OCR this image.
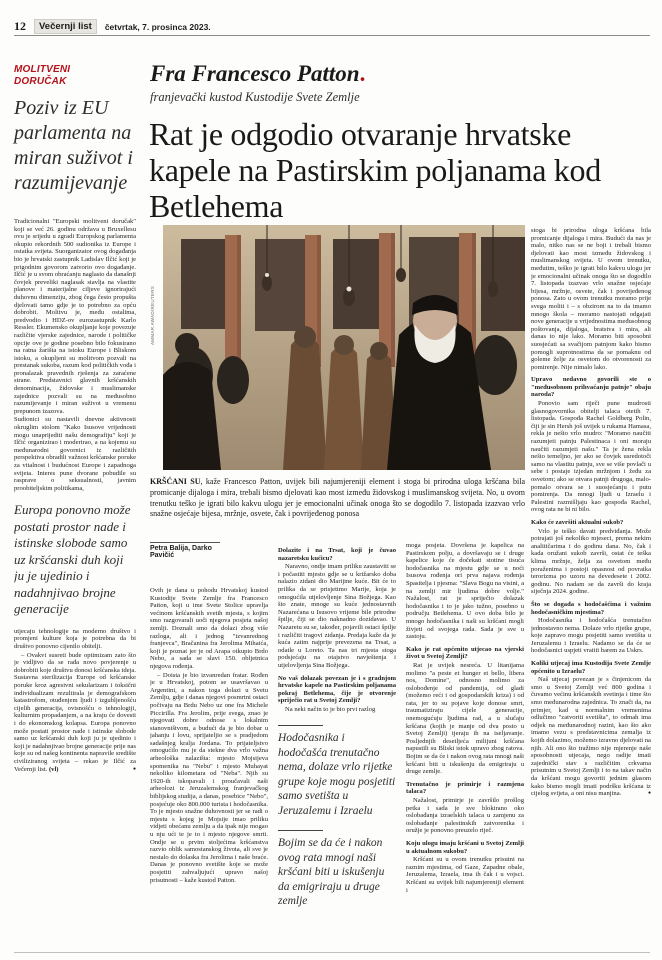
12	Večernji list	četvrtak, 7. prosinca 2023.
MOLITVENI
DORUČAK
Poziv iz EU parlamenta na miran suživot i razumijevanje

Tradicionalni "Europski molitveni doručak" koji se već 26. godinu održava u Bruxellesu ovu je srijedu u zgradi Europskog parlamenta okupio rekordnih 500 sudionika iz Europe i ostatka svijeta. Suorganizator ovog događanja bio je hrvatski zastupnik Ladislav Ilčić koji je prigodnim govorom zatvorio ovo događanje. Ilčić je u svom obraćanju naglasio da današnji čovjek preveliki naglasak stavlja na vlastite planove i materijalne ciljeve ignorirajući duhovnu dimenziju, zbog čega često propušta djelovati tamo gdje je to potrebno za opću dobrobit. Molitvu je, među ostalima, predvodio i HDZ-ov eurozastupnik Karlo Ressler. Ekumensko okupljanje koje povezuje različite vjerske zajednice, narode i političke opcije ove je godine posebno bilo fokusirano na ratna žarišta na istoku Europe i Bliskom istoku, a okupljeni su molitvom pozvali na prestanak sukoba, razum kod političkih vođa i pronalazak pravednih rješenja za zaraćene strane. Predstavnici glavnih kršćanskih denominacija, židovske i muslimanske zajednice pozvali su na međusobno razumijevanje i miran suživot u vremenu prepunom izazova.

Sudionici su nastavili dnevne aktivnosti okruglim stolom "Kako Isusove vrijednosti mogu unaprijediti našu demografiju" koji je Ilčić organizirao i moderirao, a na kojemu su međunarodni govornici iz različitih perspektiva obradili važnost kršćanske poruke za vitalnost i budućnost Europe i zapadnoga svijeta. Interes pune dvorane pobudile su rasprave o seksualnosti, javnim proobiteljskim politikama,

Europa ponovno može postati prostor nade i istinske slobode samo uz kršćanski duh koji ju je ujedinio i nadahnjivao brojne generacije

utjecaju tehnologije na moderno društvo i promjeni kulture koja je potrebna da bi društvo ponovno cijenilo obitelji.

– Ovakvi susreti bude optimizam zato što je vidljivo da se rađa novo povjerenje u dobrobiti koje društvu donosi kršćanska ideja. Sustavna sterilizacija Europe od kršćanske poruke kroz agresivni sekularizam i toksični individualizam rezultirala je demografskom katastrofom, otuđenjem ljudi i izgubljenošću cijelih generacija, ovisnošću o tehnologiji, kulturnim propadanjem, a na kraju će dovesti i do ekonomskog kolapsa. Europa ponovno može postati prostor nade i istinske slobode samo uz kršćanski duh koji ju je ujedinio i koji je nadahnjivao brojne generacije prije nas koje su od našeg kontinenta napravile središte civiliziranog svijeta – rekao je Ilčić za Večernji list. (vl)	●

Fra Francesco Patton.
franjevački kustod Kustodije Svete Zemlje
Rat je odgodio otvaranje hrvatske kapele na Pastirskim poljanama kod Betlehema
AMMAR AWAD/REUTERS
KRŠĆANI SU, kaže Francesco Patton, uvijek bili najumjereniji element i stoga bi prirodna uloga kršćana bila promicanje dijaloga i mira, trebali bismo djelovati kao most između židovskog i muslimanskog svijeta. No, u ovom trenutku teško je igrati bilo kakvu ulogu jer je emocionalni učinak onoga što se dogodilo 7. listopada izazvao vrlo snažne osjećaje bijesa, mržnje, osvete, čak i povrijeđenog ponosa
Petra Balija, Darko Pavičić

Ovih je dana u pohodu Hrvatskoj kustod Kustodije Svete Zemlje fra Francesco Patton, koji u ime Svete Stolice upravlja većinom kršćanskih svetih mjesta, s kojim smo razgovarali uoči njegova posjeta našoj zemlji. Doznali smo da dolazi zbog više razloga, ali i jednog "izvanrednog franjevca", Bračanina fra Jerolima Mihaića, koji je poznat jer je od Arapa otkupio Brdo Nebo, a sada se slavi 150. obljetnica njegova rođenja.

– Doista je bio izvanredan fratar. Rođen je u Hrvatskoj, potom se usavršavao u Argentini, a nakon toga dolazi u Svetu Zemlju, gdje i danas njegovi posmrtni ostaci počivaju na Brdu Nebo uz one fra Michele Piccirilla. Fra Jerolim, prije svega, znao je njegovati dobre odnose s lokalnim stanovništvom, a budući da je bio dobar u jahanju i lovu, sprijateljio se s pradjedom sadašnjeg kralja Jordana. To prijateljstvo omogućilo mu je da stekne dva vrlo važna arheološka nalazišta: mjesto Mojsijeva spomenika na "Nebu" i mjesto Muhayat nekoliko kilometara od "Neba". Njih su 1920-ih iskopavali i proučavali naši arheolozi iz Jeruzalemskog franjevačkog biblijskog studija, a danas, posebice "Nebo", posjećuje oko 800.000 turista i hodočasnika. To je mjesto snažne duhovnosti jer se radi o mjestu s kojeg je Mojsije imao priliku vidjeti obećanu zemlju a da ipak nije mogao u nju ući te je to i mjesto njegove smrti. Ondje se u prvim stoljećima kršćanstva razvio oblik samostanskog života, ali sve je nestalo do dolaska fra Jerolima i naše braće. Danas je ponovno svetište koje se može posjetiti zahvaljujući upravo našoj prisutnosti – kaže kustod Patton.

Dolazite i na Trsat, koji je čuvao nazaretsku kućicu?

Naravno, ondje imam priliku zaustaviti se i počastiti mjesto gdje se u križarsko doba nalazio zidani dio Marijine kuće. Bit će to prilika da se prisjetimo Marije, koja je omogućila utjelovljenje Sina Božjega. Kao što znate, mnoge su kuće jednostavnih Nazarećana u Isusovo vrijeme bile prirodne špilje, čiji se dio naknadno dozidavao. U Nazaretu su se, također, pojavili ostaci špilje i različiti tragovi zidanja. Predaja kaže da je kuća zatim najprije prevezena na Trsat, a odatle u Loreto. Ta nas tri mjesta stoga podsjećaju na otajstvo navještenja i utjelovljenja Sina Božjega.

No vaš dolazak povezan je i s gradnjom hrvatske kapele na Pastirskim poljanama pokraj Betlehema, čije je otvorenje spriječio rat u Svetoj Zemlji?

Na neki način to je bio prvi razlog

Hodočasnika i hodočašća trenutačno nema, dolaze vrlo rijetke grupe koje mogu posjetiti samo svetišta u Jeruzalemu i Izraelu
Bojim se da će i nakon ovog rata mnogi naši kršćani biti u iskušenju da emigriraju u druge zemlje

moga posjeta. Dovršena je kapelica na Pastirskom polju, a dovršavaju se i druge kapelice koje će dočekati stotine tisuća hodočasnika na mjestu gdje se u noći Isusova rođenja ori prva najava rođenja Spasitelja i pjesma: "Slava Bogu na visini, a na zemlji mir ljudima dobre volje." Nažalost, rat je spriječio dolazak hodočasnika i to je jako tužno, posebno u području Betlehema. U ovo doba bilo je mnogo hodočasnika i naši su kršćani mogli živjeti od svojega rada. Sada je sve u zastoju.

Kako je rat općenito utjecao na vjerski život u Svetoj Zemlji?

Rat je uvijek nesreća. U litanijama molimo "a peste et hunger et bello, libera nos, Domine", odnosno molimo za oslobođenje od pandemija, od gladi (možemo reći i od gospodarskih kriza) i od rata, jer to su pojave koje donose smrt, traumatiziraju cijele generacije, onemogućuju ljudima rad, a u slučaju kršćana (kojih je manje od dva posto u Svetoj Zemlji) tjeraju ih na iseljavanje. Posljednjih desetljeća milijuni kršćana napustili su Bliski istok upravo zbog ratova. Bojim se da će i nakon ovog rata mnogi naši kršćani biti u iskušenju da emigriraju u druge zemlje.

Trenutačno je primirje i razmjena talaca?

Nažalost, primirje je završilo prošlog petka i sada je sve blokirano oko oslobađanja izraelskih talaca u zamjenu za oslobađanje palestinskih zatvorenika i oružje je ponovno preuzelo riječ.

Koju ulogu imaju kršćani u Svetoj Zemlji u aktualnom sukobu?

Kršćani su u ovom trenutku prisutni na raznim mjestima, od Gaze, Zapadne obale, Jeruzalema, Izraela, ima ih čak i u vojsci. Kršćani su uvijek bili najumjereniji element i

stoga bi prirodna uloga kršćana bila promicanje dijaloga i mira. Budući da nas je malo, nitko nas se ne boji i trebali bismo djelovati kao most između židovskog i muslimanskog svijeta. U ovom trenutku, međutim, teško je igrati bilo kakvu ulogu jer je emocionalni učinak onoga što se dogodilo 7. listopada izazvao vrlo snažne osjećaje bijesa, mržnje, osvete, čak i povrijeđenog ponosa. Zato u ovom trenutku moramo prije svega moliti i – s obzirom na to da imamo mnogo škola – moramo nastojati odgajati nove generacije u vrijednostima međusobnog poštovanja, dijaloga, bratstva i mira, ali danas to nije lako. Moramo biti sposobni suosjećati sa svačijom patnjom kako bismo pomogli suprotnostima da se pomaknu od goleme želje za osvetom do otvorenosti za pomirenje. Nije nimalo lako.

Upravo nedavno govorili ste o "međusobnom prihvaćanju patnje" obaju naroda?

Ponovio sam riječi pune mudrosti glasnogovornika obitelji talaca otetih 7. listopada. Gospođa Rachel Goldberg Polin, čiji je sin Hersh još uvijek u rukama Hamasa, rekla je nešto vrlo mudro: "Moramo naučiti razumjeti patnju Palestinaca i oni moraju naučiti razumjeti našu." Ta je žena rekla nešto temeljno, jer ako se čovjek usredotoči samo na vlastitu patnju, sve se više povlači u sebe i postaje izjedan mržnjom i žeđu za osvetom; ako se otvara patnji drugoga, malo-pomalo otvara se i suosjećanju i putu pomirenja. Da mnogi ljudi u Izraelu i Palestini razmišljaju kao gospođa Rachel, ovog rata ne bi ni bilo.

Kako će završiti aktualni sukob?

Vrlo je teško davati predviđanja. Može potrajati još nekoliko mjeseci, prema nekim analitičarima i do godinu dana. No, čak i kada oružani sukob završi, ostat će teška klima mržnje, želja za osvetom među poraženima i postoji opasnost od povratka terorizma po uzoru na devedesete i 2002. godinu. No nadam se da završi do kraja siječnja 2024. godine.

Što se događa s hodočašćima i važnim hodočasničkim mjestima?

Hodočasnika i hodočašća trenutačno jednostavno nema. Dolaze vrlo rijetke grupe, koje zapravo mogu posjetiti samo svetišta u Jeruzalemu i Izraelu. Nadamo se da će se hodočasnici uspjeti vratiti barem za Uskrs.

Koliki utjecaj ima Kustodija Svete Zemlje općenito u Izraelu?

Naš utjecaj povezan je s činjenicom da smo u Svetoj Zemlji već 800 godina i čuvamo većinu kršćanskih svetinja i time što smo međunarodna zajednica. To znači da, na primjer, kad u normalnim vremenima odlučimo "zatvoriti svetišta", to odmah ima odjek na međunarodnoj razini, kao što ako imamo vezu s predstavnicima zemalja iz kojih dolazimo, možemo izravno djelovati na njih. Ali ono što tražimo nije mjerenje naše sposobnosti utjecaja, nego radije imati zajednički stav s različitim crkvama prisutnim u Svetoj Zemlji i to na takav način da kršćani mogu govoriti jednim glasom kako bismo mogli imati podršku kršćana iz cijelog svijeta, a oni nisu manjina.	●
